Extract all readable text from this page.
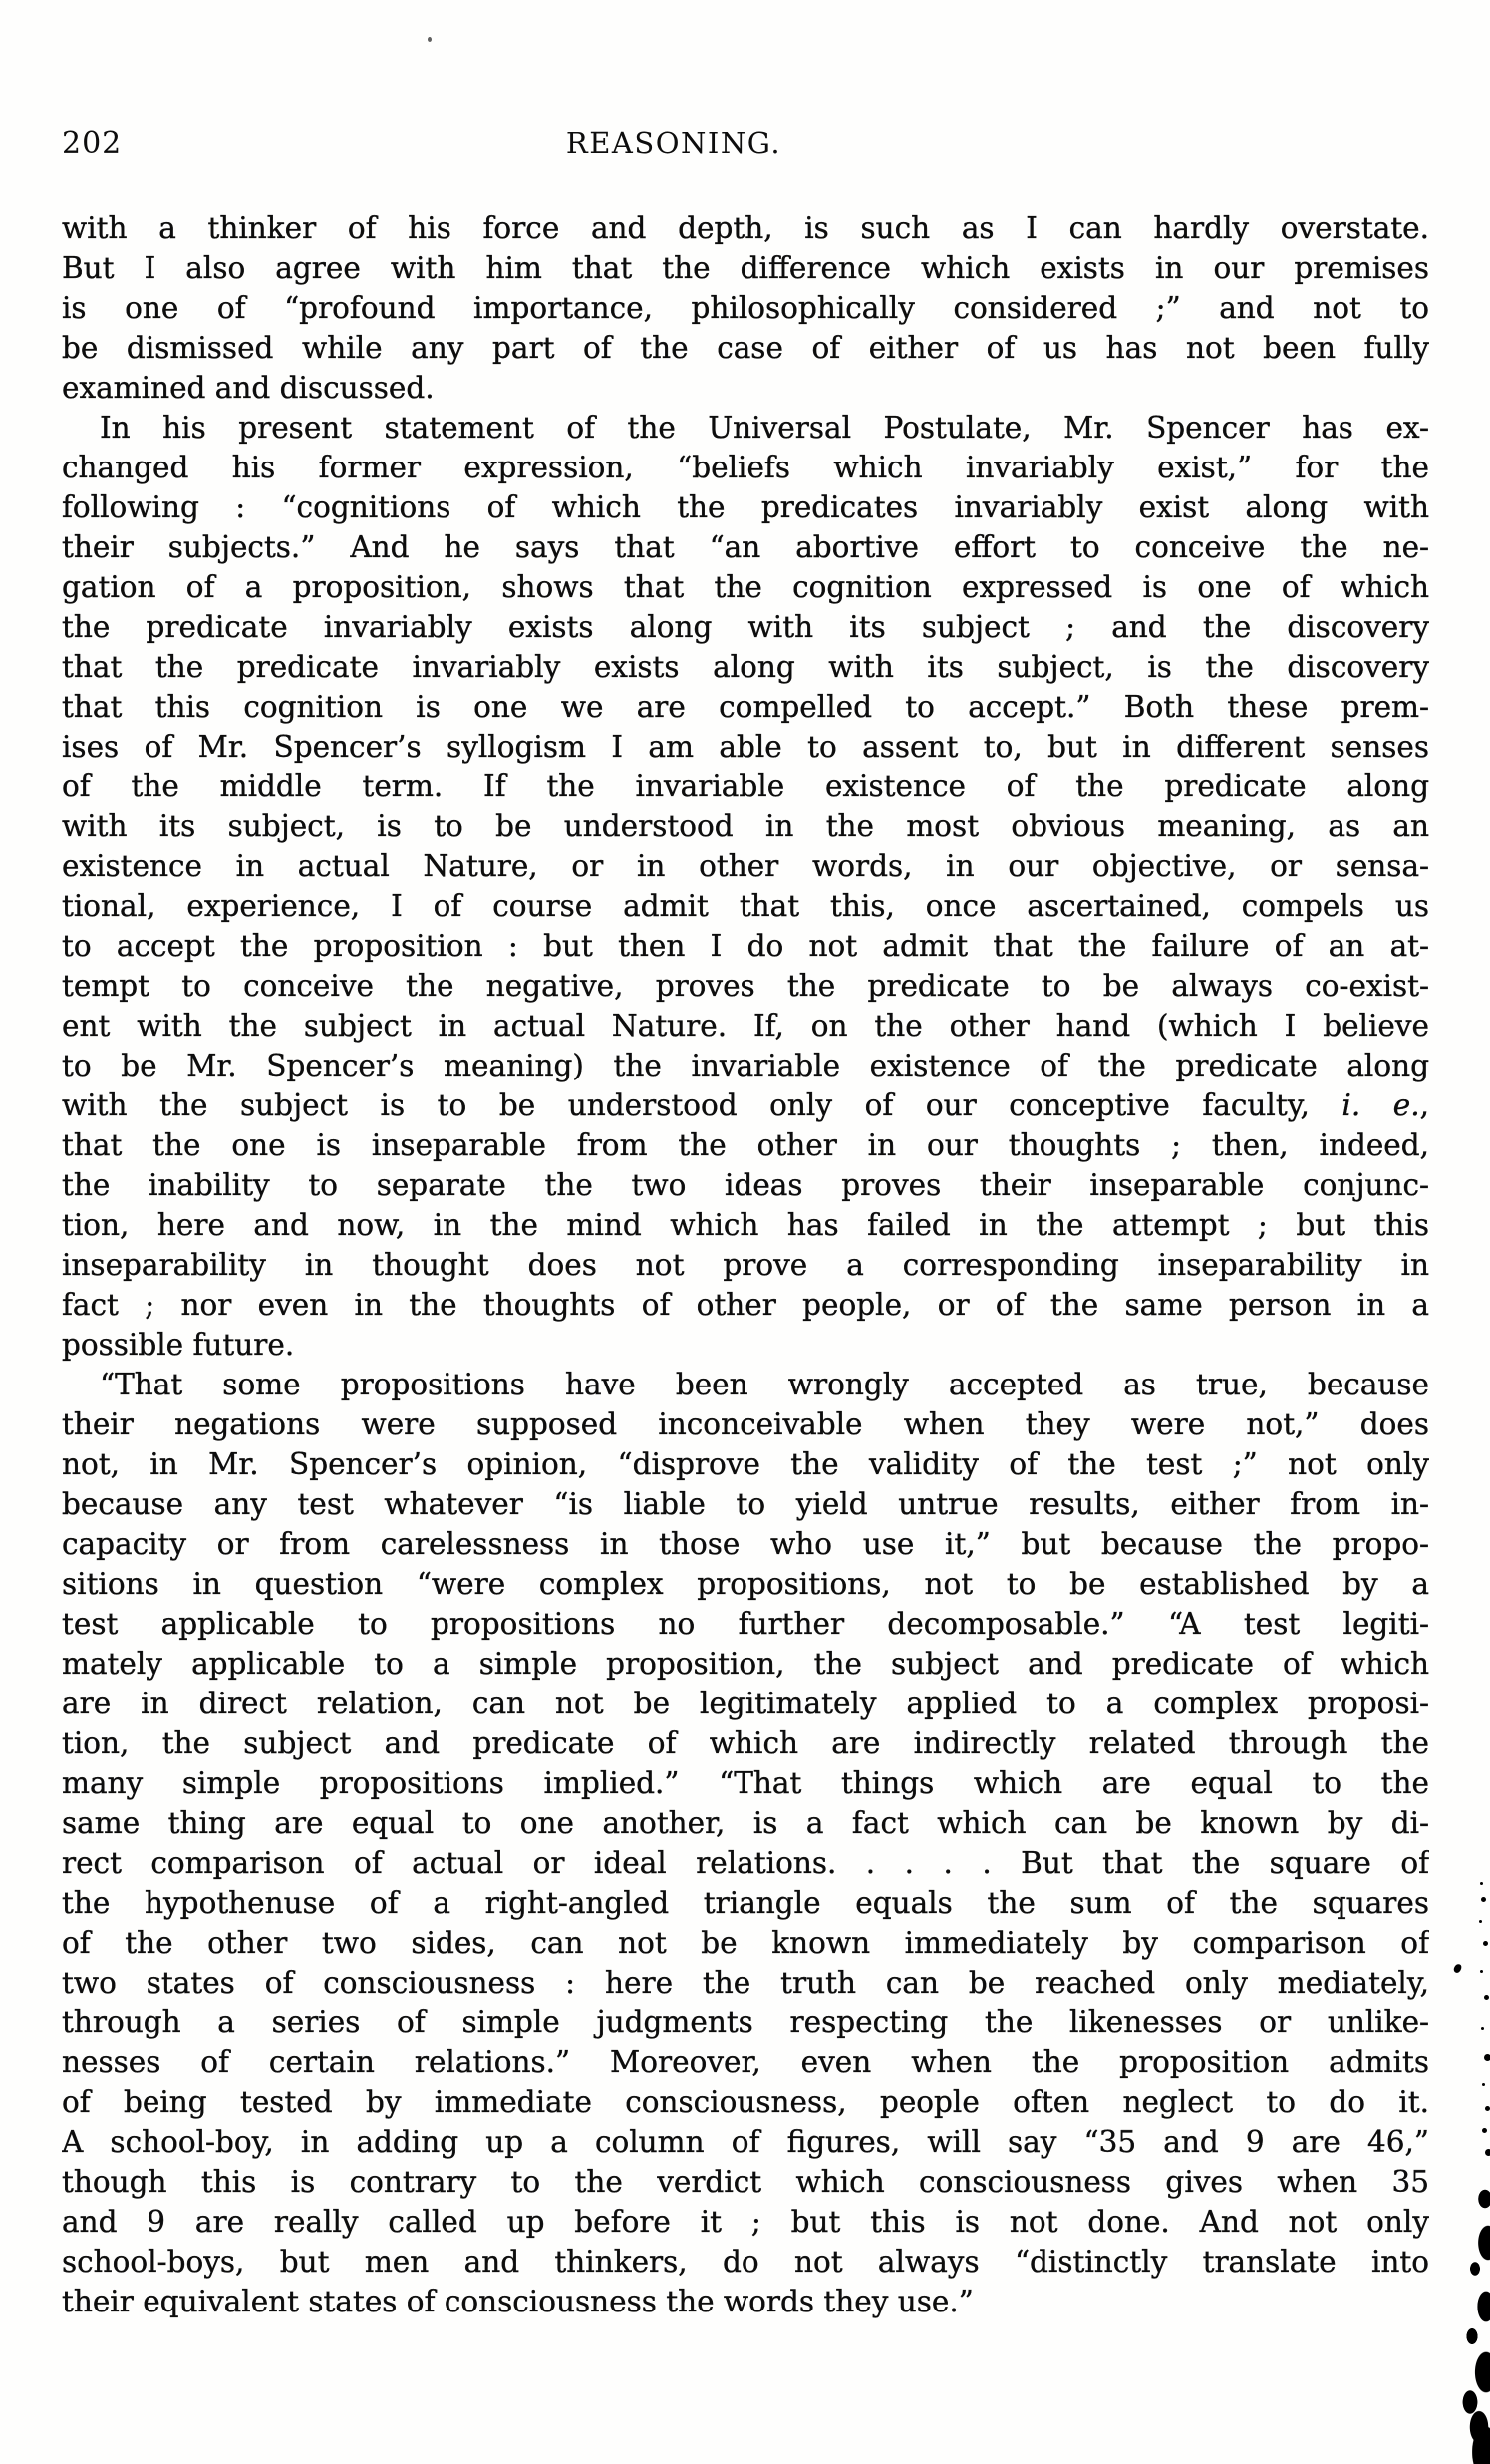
202	REASONING.
with a thinker of his force and depth, is such as I can hardly overstate.
But I also agree with him that the difference which exists in our premises
is one of “profound importance, philosophically considered ;” and not to
be dismissed while any part of the case of either of us has not been fully
examined and discussed.
In his present statement of the Universal Postulate, Mr. Spencer has ex-
changed his former expression, “beliefs which invariably exist,” for the
following : “cognitions of which the predicates invariably exist along with
their subjects.” And he says that “an abortive effort to conceive the ne-
gation of a proposition, shows that the cognition expressed is one of which
the predicate invariably exists along with its subject ; and the discovery
that the predicate invariably exists along with its subject, is the discovery
that this cognition is one we are compelled to accept.” Both these prem-
ises of Mr. Spencer’s syllogism I am able to assent to, but in different senses
of the middle term. If the invariable existence of the predicate along
with its subject, is to be understood in the most obvious meaning, as an
existence in actual Nature, or in other words, in our objective, or sensa-
tional, experience, I of course admit that this, once ascertained, compels us
to accept the proposition : but then I do not admit that the failure of an at-
tempt to conceive the negative, proves the predicate to be always co-exist-
ent with the subject in actual Nature. If, on the other hand (which I believe
to be Mr. Spencer’s meaning) the invariable existence of the predicate along
with the subject is to be understood only of our conceptive faculty, i. e.,
that the one is inseparable from the other in our thoughts ; then, indeed,
the inability to separate the two ideas proves their inseparable conjunc-
tion, here and now, in the mind which has failed in the attempt ; but this
inseparability in thought does not prove a corresponding inseparability in
fact ; nor even in the thoughts of other people, or of the same person in a
possible future.
“That some propositions have been wrongly accepted as true, because
their negations were supposed inconceivable when they were not,” does
not, in Mr. Spencer’s opinion, “disprove the validity of the test ;” not only
because any test whatever “is liable to yield untrue results, either from in-
capacity or from carelessness in those who use it,” but because the propo-
sitions in question “were complex propositions, not to be established by a
test applicable to propositions no further decomposable.” “A test legiti-
mately applicable to a simple proposition, the subject and predicate of which
are in direct relation, can not be legitimately applied to a complex proposi-
tion, the subject and predicate of which are indirectly related through the
many simple propositions implied.” “That things which are equal to the
same thing are equal to one another, is a fact which can be known by di-
rect comparison of actual or ideal relations. . . . . But that the square of
the hypothenuse of a right-angled triangle equals the sum of the squares
of the other two sides, can not be known immediately by comparison of
two states of consciousness : here the truth can be reached only mediately,
through a series of simple judgments respecting the likenesses or unlike-
nesses of certain relations.” Moreover, even when the proposition admits
of being tested by immediate consciousness, people often neglect to do it.
A school-boy, in adding up a column of figures, will say “35 and 9 are 46,”
though this is contrary to the verdict which consciousness gives when 35
and 9 are really called up before it ; but this is not done. And not only
school-boys, but men and thinkers, do not always “distinctly translate into
their equivalent states of consciousness the words they use.”
